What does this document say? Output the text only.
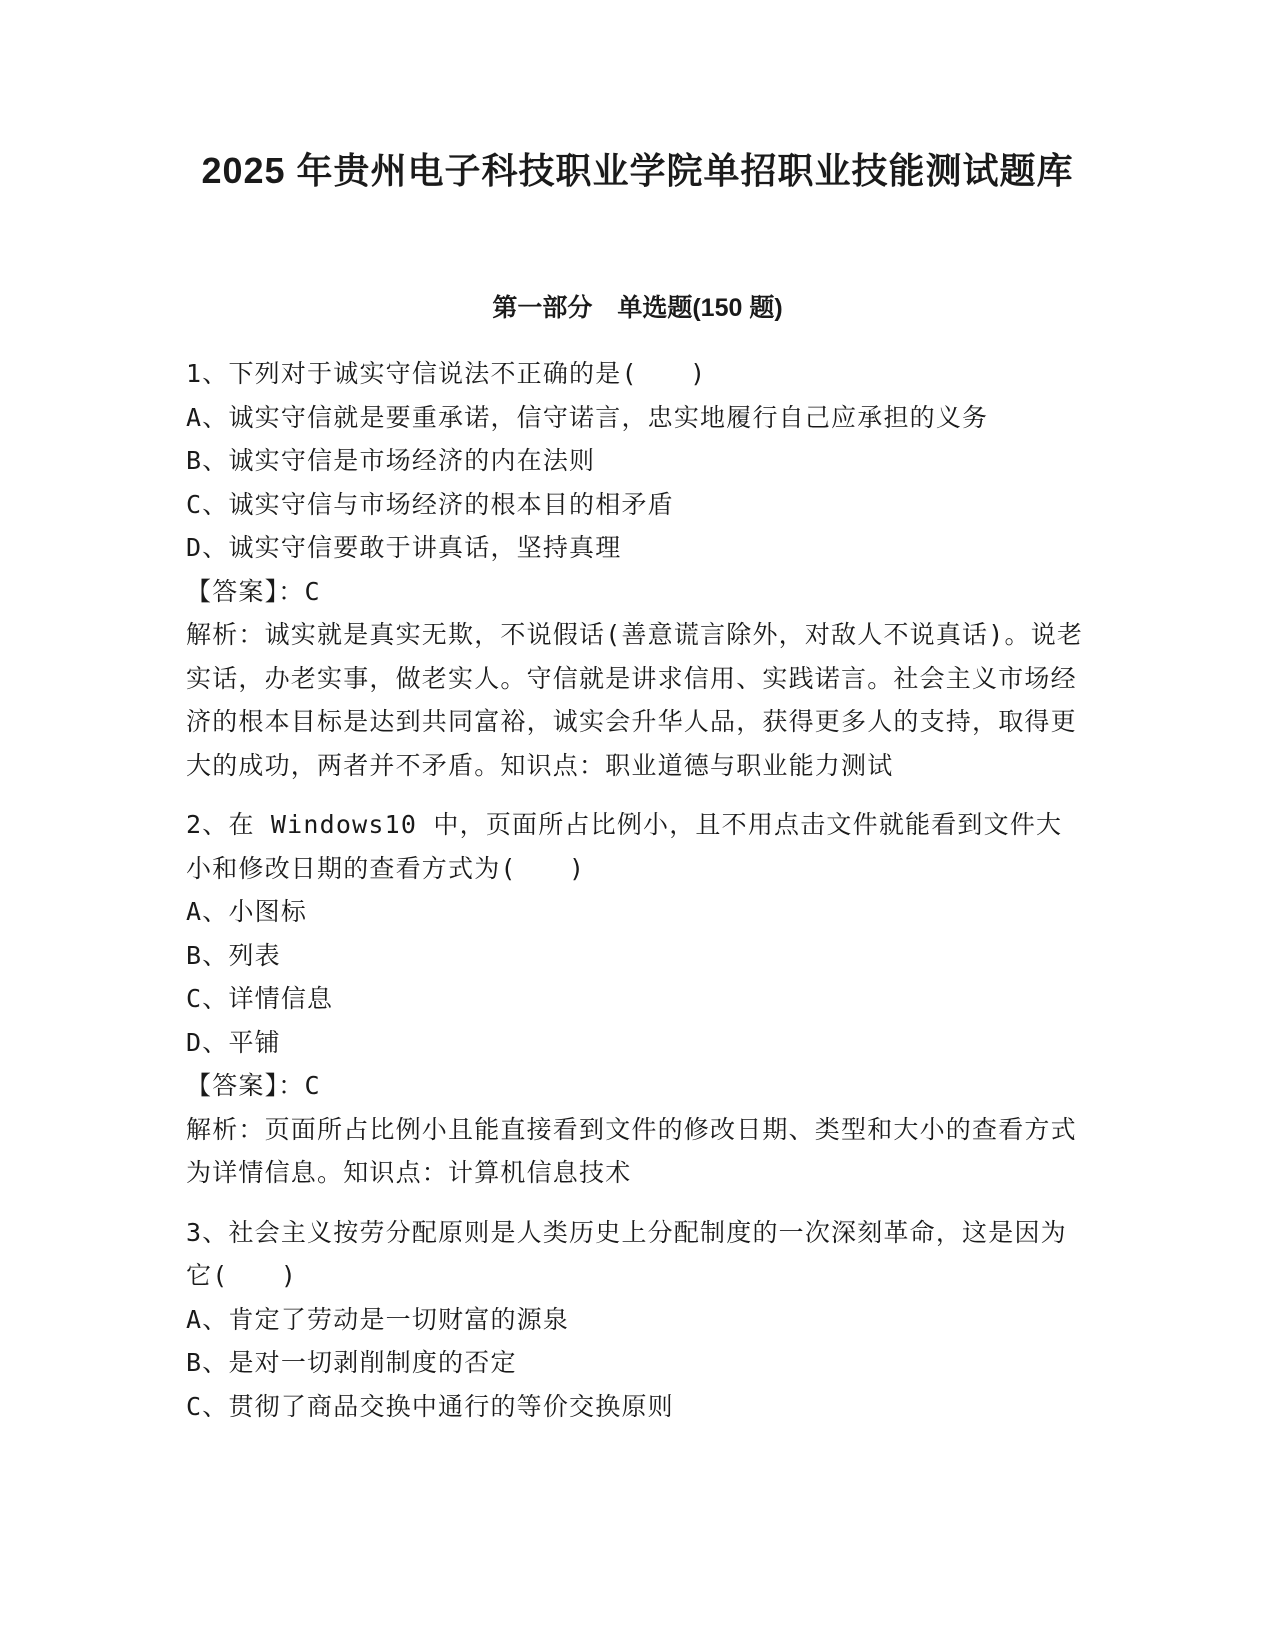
2025 年贵州电子科技职业学院单招职业技能测试题库
第一部分　单选题(150 题)

1、下列对于诚实守信说法不正确的是(　　)

A、诚实守信就是要重承诺，信守诺言，忠实地履行自己应承担的义务

B、诚实守信是市场经济的内在法则

C、诚实守信与市场经济的根本目的相矛盾

D、诚实守信要敢于讲真话，坚持真理

【答案】：C

解析：诚实就是真实无欺，不说假话(善意谎言除外，对敌人不说真话)。说老实话，办老实事，做老实人。守信就是讲求信用、实践诺言。社会主义市场经济的根本目标是达到共同富裕，诚实会升华人品，获得更多人的支持，取得更大的成功，两者并不矛盾。知识点：职业道德与职业能力测试

2、在 Windows10 中，页面所占比例小，且不用点击文件就能看到文件大小和修改日期的查看方式为(　　)

A、小图标

B、列表

C、详情信息

D、平铺

【答案】：C

解析：页面所占比例小且能直接看到文件的修改日期、类型和大小的查看方式为详情信息。知识点：计算机信息技术

3、社会主义按劳分配原则是人类历史上分配制度的一次深刻革命，这是因为它(　　)

A、肯定了劳动是一切财富的源泉

B、是对一切剥削制度的否定

C、贯彻了商品交换中通行的等价交换原则
